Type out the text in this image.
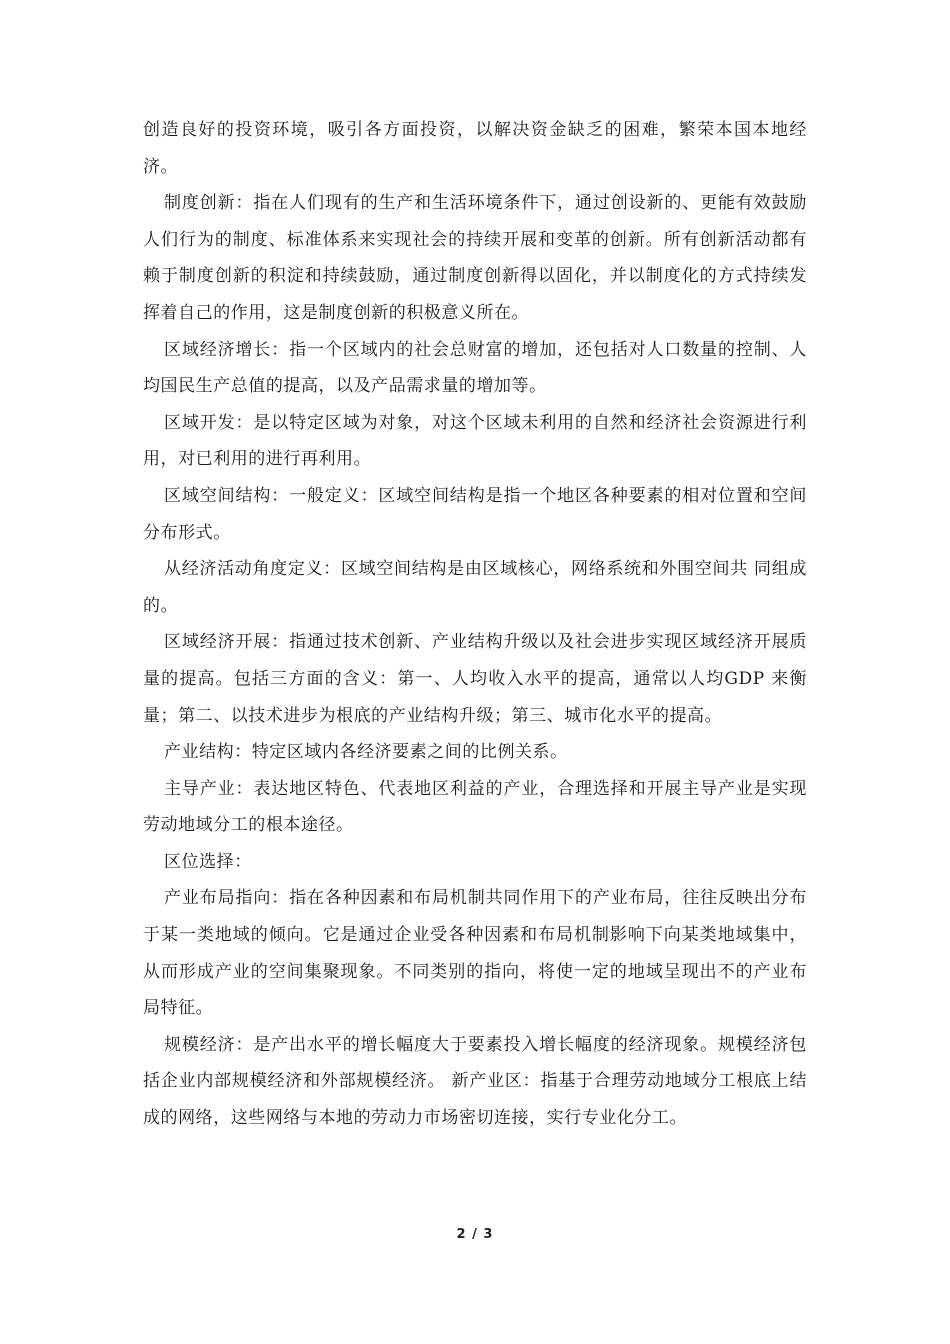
创造良好的投资环境，吸引各方面投资，以解决资金缺乏的困难，繁荣本国本地经济。

制度创新：指在人们现有的生产和生活环境条件下，通过创设新的、更能有效鼓励人们行为的制度、标准体系来实现社会的持续开展和变革的创新。所有创新活动都有赖于制度创新的积淀和持续鼓励，通过制度创新得以固化，并以制度化的方式持续发挥着自己的作用，这是制度创新的积极意义所在。

区域经济增长：指一个区域内的社会总财富的增加，还包括对人口数量的控制、人均国民生产总值的提高，以及产品需求量的增加等。

区域开发：是以特定区域为对象，对这个区域未利用的自然和经济社会资源进行利用，对已利用的进行再利用。

区域空间结构：一般定义：区域空间结构是指一个地区各种要素的相对位置和空间分布形式。

从经济活动角度定义：区域空间结构是由区域核心，网络系统和外围空间共 同组成的。

区域经济开展：指通过技术创新、产业结构升级以及社会进步实现区域经济开展质量的提高。包括三方面的含义：第一、人均收入水平的提高，通常以人均GDP 来衡量；第二、以技术进步为根底的产业结构升级；第三、城市化水平的提高。

产业结构：特定区域内各经济要素之间的比例关系。

主导产业：表达地区特色、代表地区利益的产业，合理选择和开展主导产业是实现劳动地域分工的根本途径。

区位选择：

产业布局指向：指在各种因素和布局机制共同作用下的产业布局，往往反映出分布于某一类地域的倾向。它是通过企业受各种因素和布局机制影响下向某类地域集中，从而形成产业的空间集聚现象。不同类别的指向，将使一定的地域呈现出不的产业布局特征。

规模经济：是产出水平的增长幅度大于要素投入增长幅度的经济现象。规模经济包括企业内部规模经济和外部规模经济。 新产业区：指基于合理劳动地域分工根底上结成的网络，这些网络与本地的劳动力市场密切连接，实行专业化分工。

2 / 3
